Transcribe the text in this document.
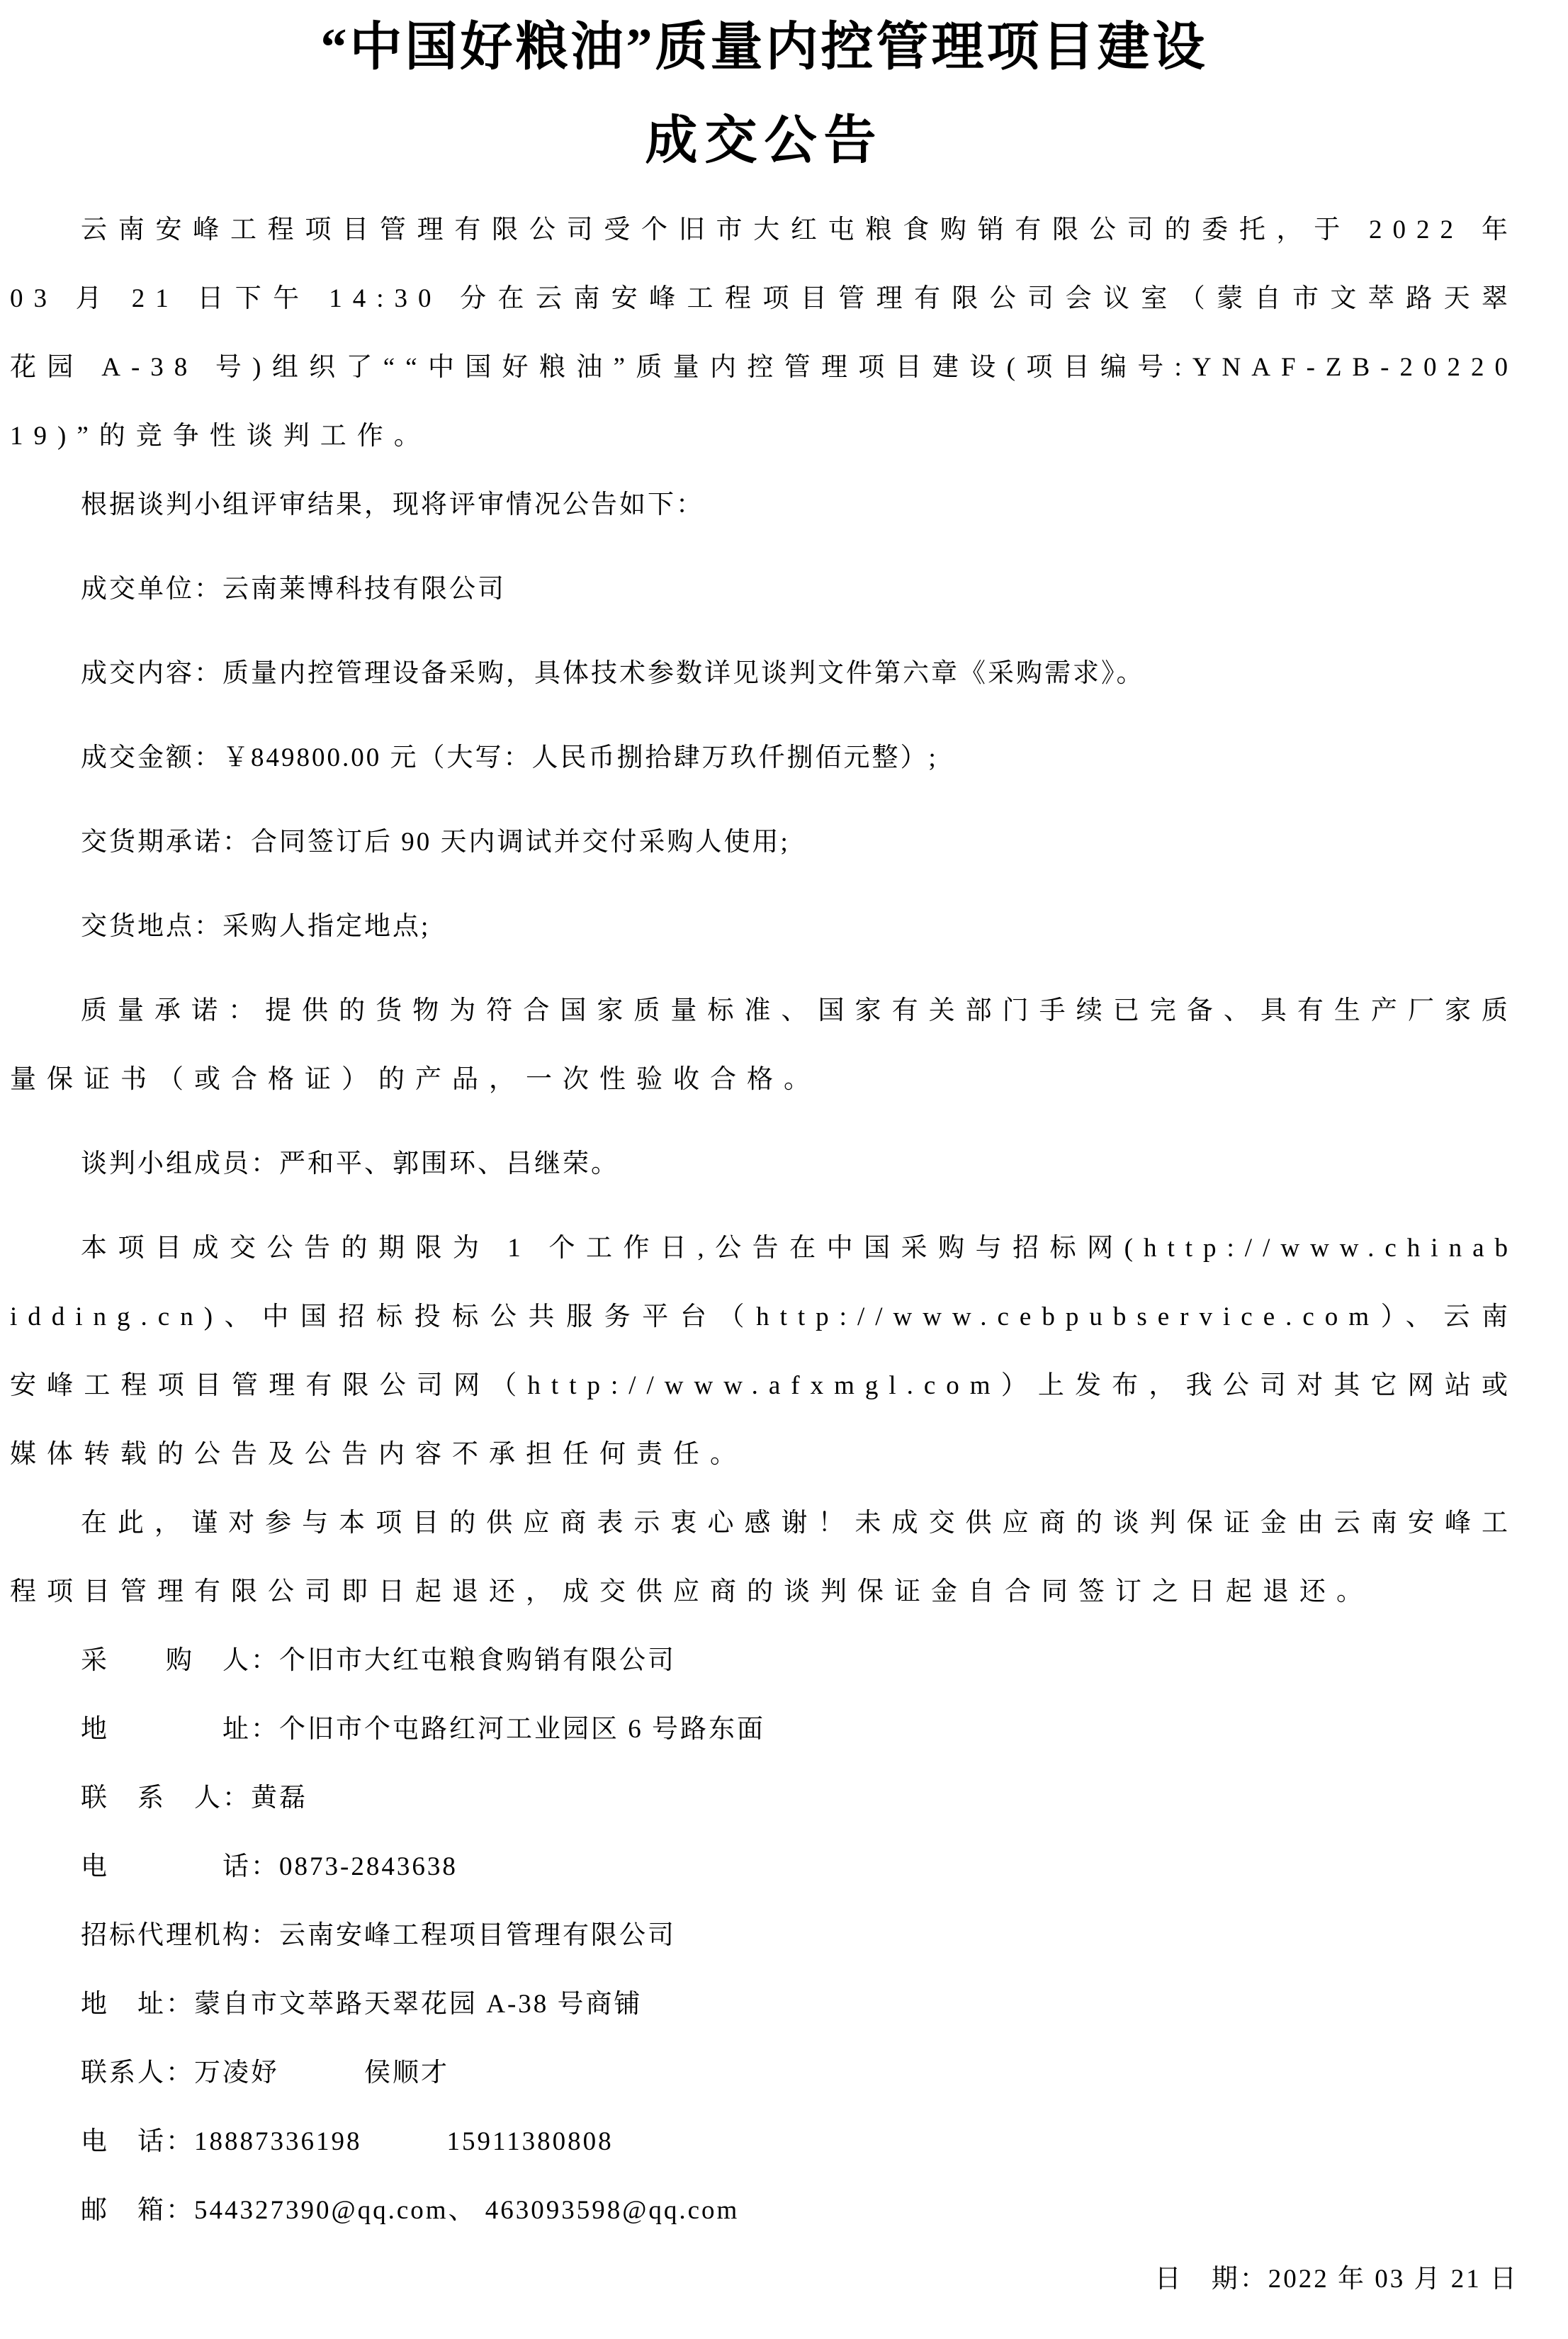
“中国好粮油”质量内控管理项目建设
成交公告

云南安峰工程项目管理有限公司受个旧市大红屯粮食购销有限公司的委托，于 2022 年 03 月 21 日下午 14:30 分在云南安峰工程项目管理有限公司会议室（蒙自市文萃路天翠花园 A-38 号)组织了““中国好粮油”质量内控管理项目建设(项目编号:YNAF-ZB-2022019)”的竞争性谈判工作。

根据谈判小组评审结果，现将评审情况公告如下：

成交单位：云南莱博科技有限公司

成交内容：质量内控管理设备采购，具体技术参数详见谈判文件第六章《采购需求》。

成交金额：￥849800.00 元（大写：人民币捌拾肆万玖仟捌佰元整）;

交货期承诺：合同签订后 90 天内调试并交付采购人使用;

交货地点：采购人指定地点;

质量承诺：提供的货物为符合国家质量标准、国家有关部门手续已完备、具有生产厂家质量保证书（或合格证）的产品，一次性验收合格。

谈判小组成员：严和平、郭围环、吕继荣。

本项目成交公告的期限为 1 个工作日,公告在中国采购与招标网(http://www.chinabidding.cn)、中国招标投标公共服务平台（http://www.cebpubservice.com）、云南安峰工程项目管理有限公司网（http://www.afxmgl.com）上发布，我公司对其它网站或媒体转载的公告及公告内容不承担任何责任。

在此，谨对参与本项目的供应商表示衷心感谢！未成交供应商的谈判保证金由云南安峰工程项目管理有限公司即日起退还，成交供应商的谈判保证金自合同签订之日起退还。

采　　购　人：个旧市大红屯粮食购销有限公司

地　　　　址：个旧市个屯路红河工业园区 6 号路东面

联　系　人：黄磊

电　　　　话：0873-2843638

招标代理机构：云南安峰工程项目管理有限公司

地　址：蒙自市文萃路天翠花园 A-38 号商铺

联系人：万凌妤　　　侯顺才

电　话：18887336198　　　15911380808

邮　箱：544327390@qq.com、 463093598@qq.com

日　期：2022 年 03 月 21 日
